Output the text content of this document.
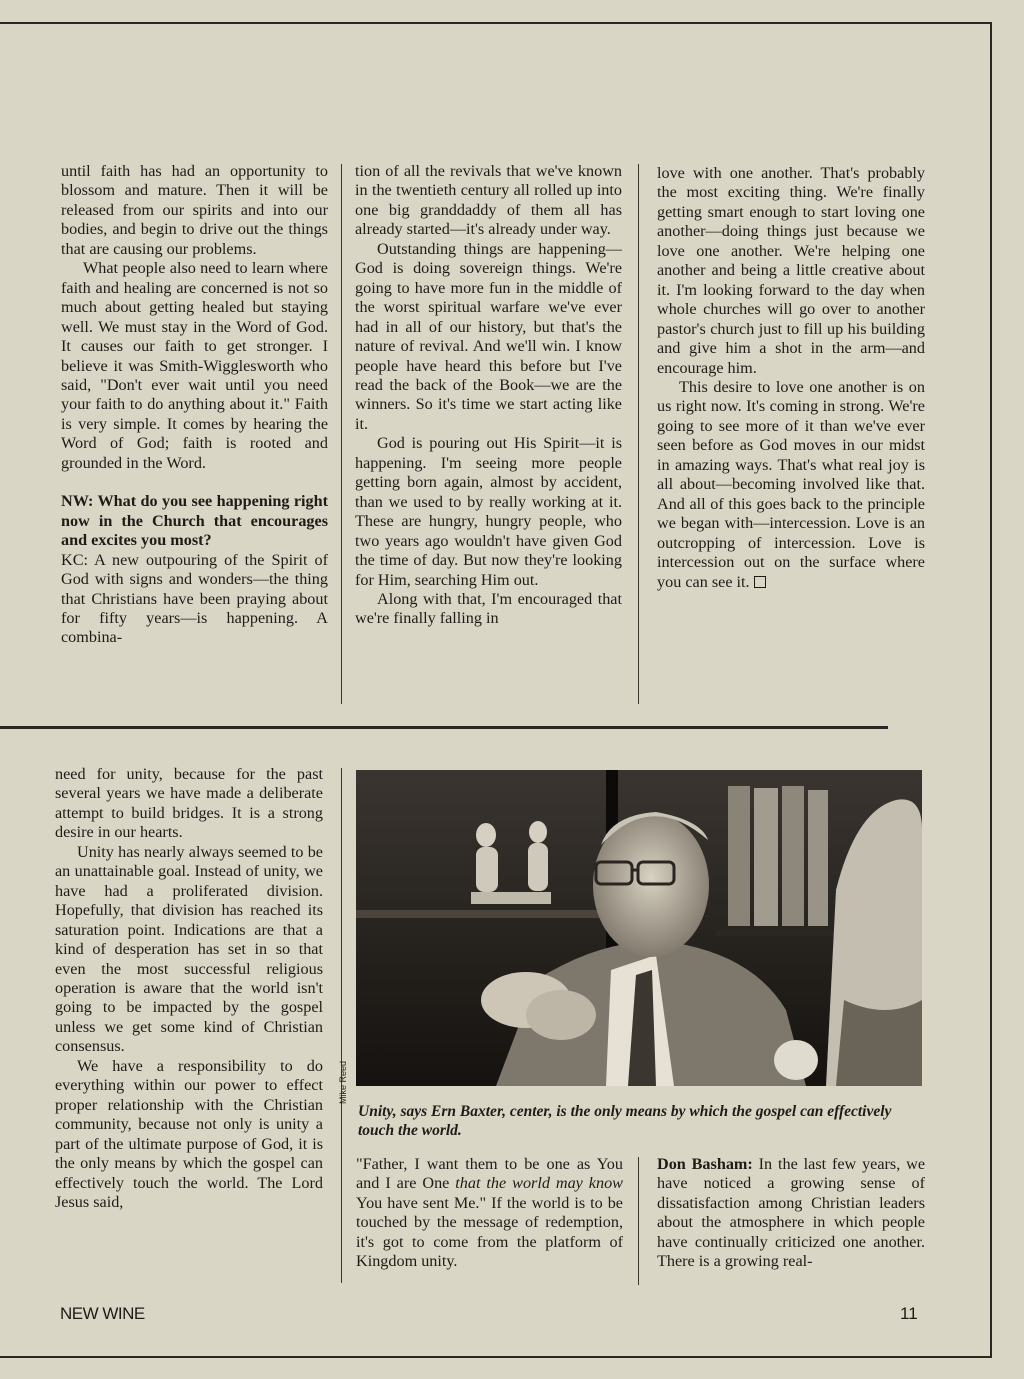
until faith has had an opportunity to blossom and mature. Then it will be released from our spirits and into our bodies, and begin to drive out the things that are causing our problems.

What people also need to learn where faith and healing are concerned is not so much about getting healed but staying well. We must stay in the Word of God. It causes our faith to get stronger. I believe it was Smith-Wigglesworth who said, "Don't ever wait until you need your faith to do anything about it." Faith is very simple. It comes by hearing the Word of God; faith is rooted and grounded in the Word.

NW: What do you see happening right now in the Church that encourages and excites you most?

KC: A new outpouring of the Spirit of God with signs and wonders—the thing that Christians have been praying about for fifty years—is happening. A combina-

tion of all the revivals that we've known in the twentieth century all rolled up into one big granddaddy of them all has already started—it's already under way.

Outstanding things are happening—God is doing sovereign things. We're going to have more fun in the middle of the worst spiritual warfare we've ever had in all of our history, but that's the nature of revival. And we'll win. I know people have heard this before but I've read the back of the Book—we are the winners. So it's time we start acting like it.

God is pouring out His Spirit—it is happening. I'm seeing more people getting born again, almost by accident, than we used to by really working at it. These are hungry, hungry people, who two years ago wouldn't have given God the time of day. But now they're looking for Him, searching Him out.

Along with that, I'm encouraged that we're finally falling in

love with one another. That's probably the most exciting thing. We're finally getting smart enough to start loving one another—doing things just because we love one another. We're helping one another and being a little creative about it. I'm looking forward to the day when whole churches will go over to another pastor's church just to fill up his building and give him a shot in the arm—and encourage him.

This desire to love one another is on us right now. It's coming in strong. We're going to see more of it than we've ever seen before as God moves in our midst in amazing ways. That's what real joy is all about—becoming involved like that. And all of this goes back to the principle we began with—intercession. Love is an outcropping of intercession. Love is intercession out on the surface where you can see it.

need for unity, because for the past several years we have made a deliberate attempt to build bridges. It is a strong desire in our hearts.

Unity has nearly always seemed to be an unattainable goal. Instead of unity, we have had a proliferated division. Hopefully, that division has reached its saturation point. Indications are that a kind of desperation has set in so that even the most successful religious operation is aware that the world isn't going to be impacted by the gospel unless we get some kind of Christian consensus.

We have a responsibility to do everything within our power to effect proper relationship with the Christian community, because not only is unity a part of the ultimate purpose of God, it is the only means by which the gospel can effectively touch the world. The Lord Jesus said,

Mike Reed
Unity, says Ern Baxter, center, is the only means by which the gospel can effectively touch the world.

"Father, I want them to be one as You and I are One that the world may know You have sent Me." If the world is to be touched by the message of redemption, it's got to come from the platform of Kingdom unity.

Don Basham: In the last few years, we have noticed a growing sense of dissatisfaction among Christian leaders about the atmosphere in which people have continually criticized one another. There is a growing real-

NEW WINE	11
